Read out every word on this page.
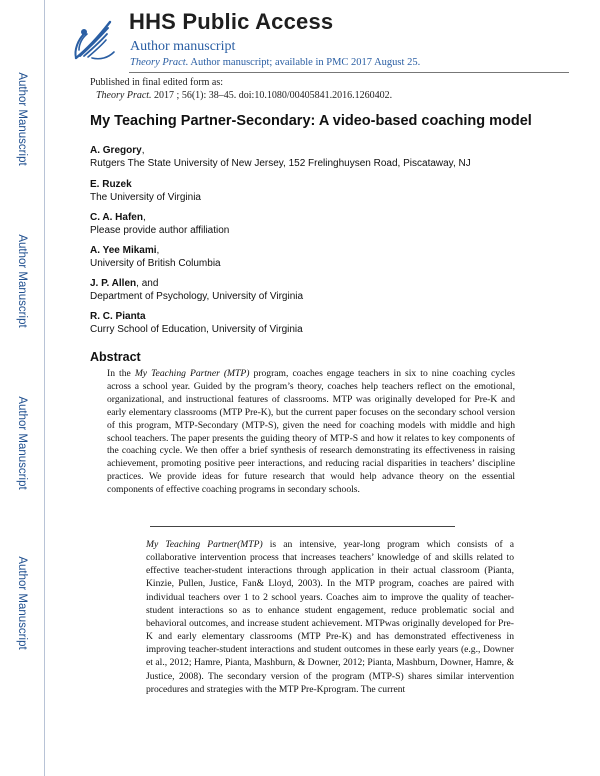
Author Manuscript
Author Manuscript
Author Manuscript
Author Manuscript
HHS Public Access
Author manuscript
Theory Pract. Author manuscript; available in PMC 2017 August 25.
Published in final edited form as:
Theory Pract. 2017 ; 56(1): 38–45. doi:10.1080/00405841.2016.1260402.
My Teaching Partner-Secondary: A video-based coaching model
A. Gregory,
Rutgers The State University of New Jersey, 152 Frelinghuysen Road, Piscataway, NJ
E. Ruzek
The University of Virginia
C. A. Hafen,
Please provide author affiliation
A. Yee Mikami,
University of British Columbia
J. P. Allen, and
Department of Psychology, University of Virginia
R. C. Pianta
Curry School of Education, University of Virginia
Abstract

In the My Teaching Partner (MTP) program, coaches engage teachers in six to nine coaching cycles across a school year. Guided by the program’s theory, coaches help teachers reflect on the emotional, organizational, and instructional features of classrooms. MTP was originally developed for Pre-K and early elementary classrooms (MTP Pre-K), but the current paper focuses on the secondary school version of this program, MTP-Secondary (MTP-S), given the need for coaching models with middle and high school teachers. The paper presents the guiding theory of MTP-S and how it relates to key components of the coaching cycle. We then offer a brief synthesis of research demonstrating its effectiveness in raising achievement, promoting positive peer interactions, and reducing racial disparities in teachers’ discipline practices. We provide ideas for future research that would help advance theory on the essential components of effective coaching programs in secondary schools.

My Teaching Partner(MTP) is an intensive, year-long program which consists of a collaborative intervention process that increases teachers’ knowledge of and skills related to effective teacher-student interactions through application in their actual classroom (Pianta, Kinzie, Pullen, Justice, Fan& Lloyd, 2003). In the MTP program, coaches are paired with individual teachers over 1 to 2 school years. Coaches aim to improve the quality of teacher-student interactions so as to enhance student engagement, reduce problematic social and behavioral outcomes, and increase student achievement. MTPwas originally developed for Pre-K and early elementary classrooms (MTP Pre-K) and has demonstrated effectiveness in improving teacher-student interactions and student outcomes in these early years (e.g., Downer et al., 2012; Hamre, Pianta, Mashburn, & Downer, 2012; Pianta, Mashburn, Downer, Hamre, & Justice, 2008). The secondary version of the program (MTP-S) shares similar intervention procedures and strategies with the MTP Pre-Kprogram. The current
